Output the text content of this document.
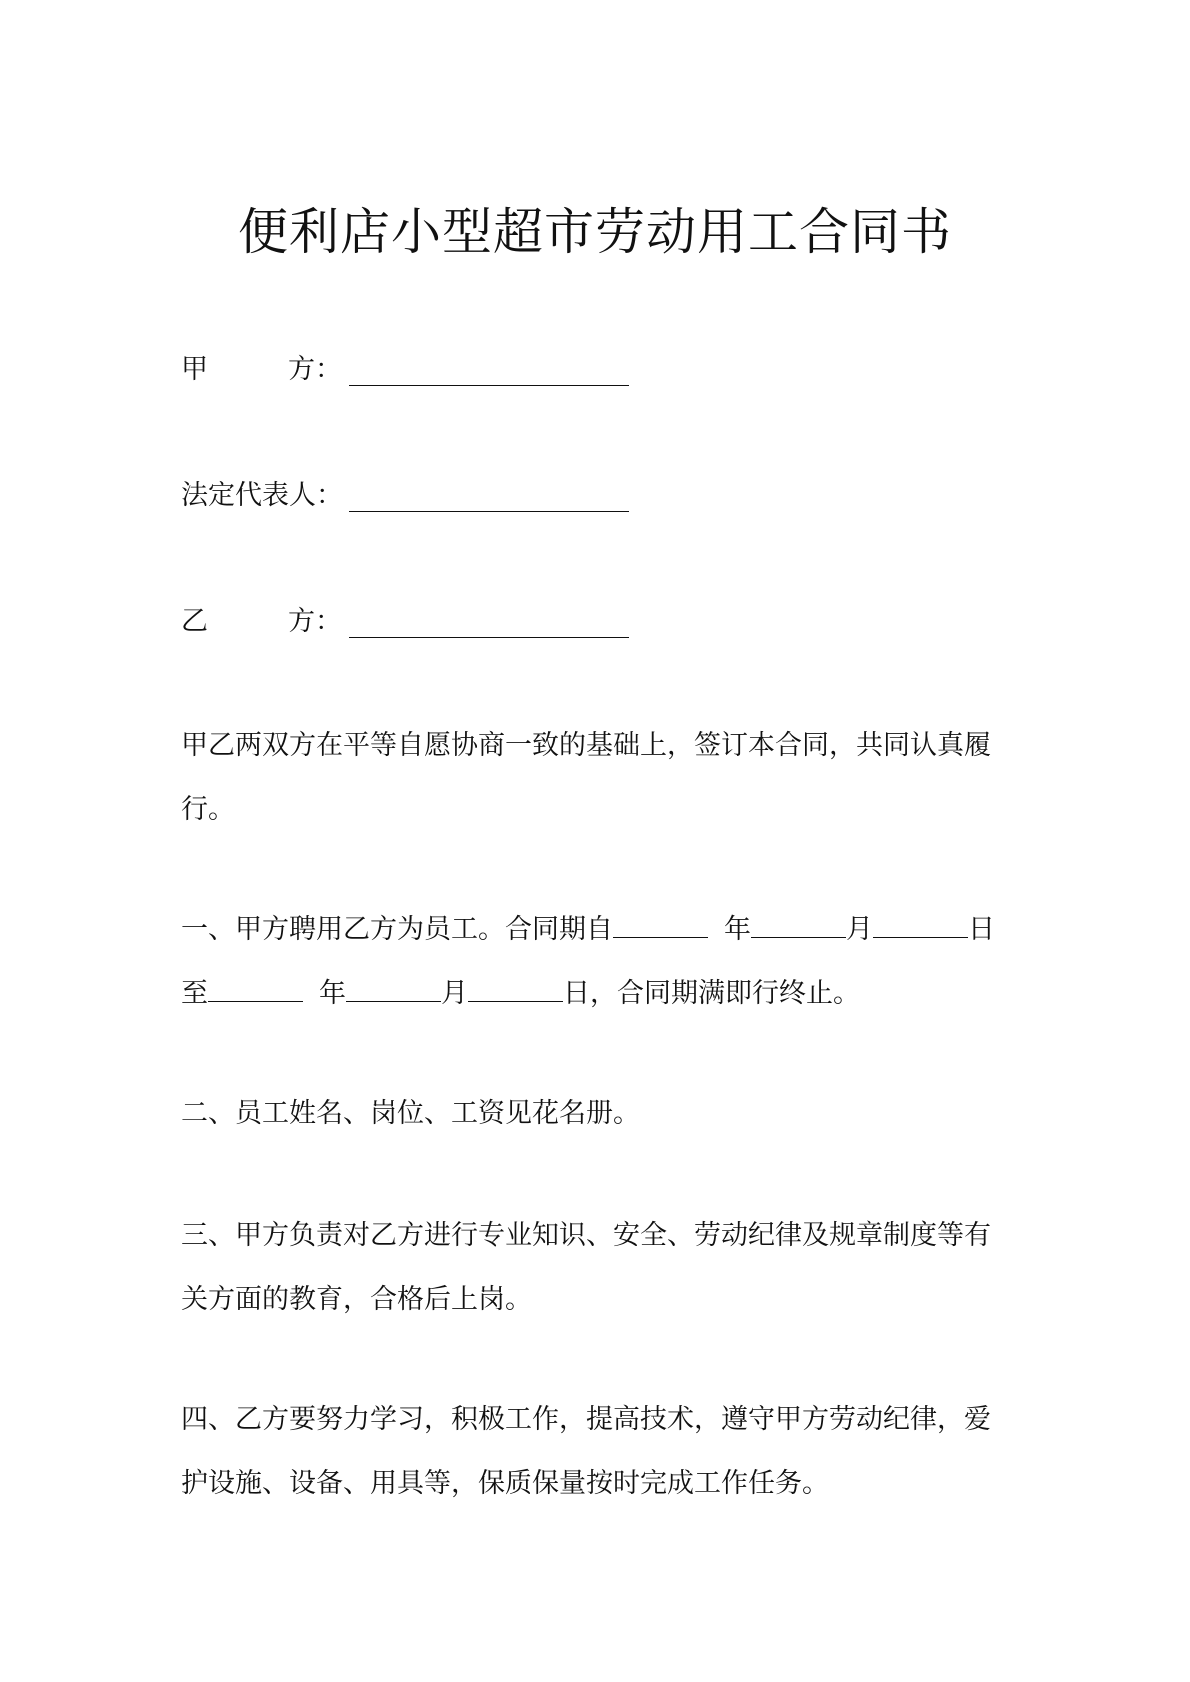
便利店小型超市劳动用工合同书
甲	方：
法定代表人：
乙	方：
甲乙两双方在平等自愿协商一致的基础上，签订本合同，共同认真履
行。
一、甲方聘用乙方为员工。合同期自	年	月	日
至	年	月	日，合同期满即行终止。
二、员工姓名、岗位、工资见花名册。
三、甲方负责对乙方进行专业知识、安全、劳动纪律及规章制度等有
关方面的教育，合格后上岗。
四、乙方要努力学习，积极工作，提高技术，遵守甲方劳动纪律，爱
护设施、设备、用具等，保质保量按时完成工作任务。
